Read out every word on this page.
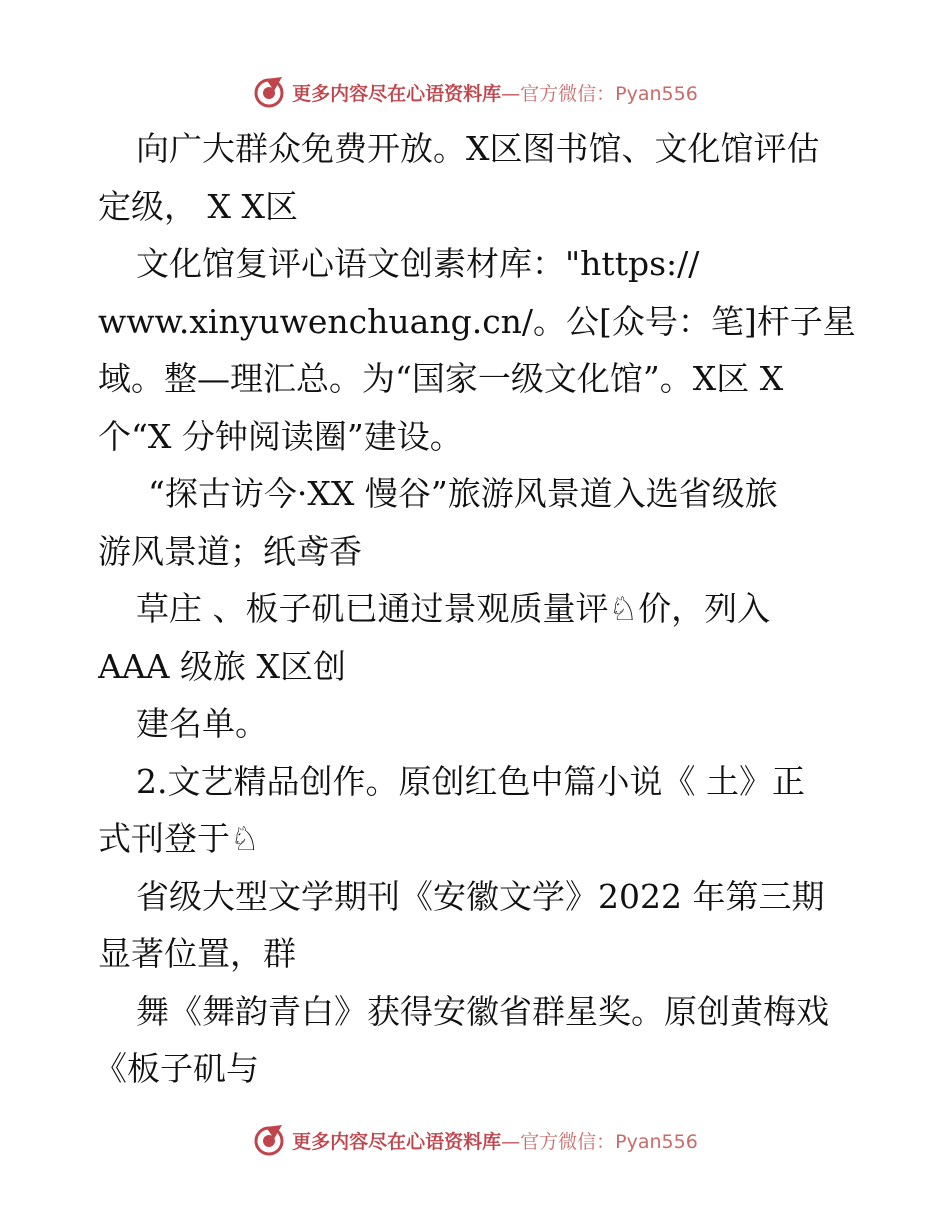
更多内容尽在心语资料库—官方微信：Pyan556
向广大群众免费开放。X区图书馆、文化馆评估
定级， X X区
文化馆复评心语文创素材库："https://
www.xinyuwenchuang.cn/。公[众号：笔]杆子星
域。整—理汇总。为“国家一级文化馆”。X区 X
个“X 分钟阅读圈”建设。
“探古访今·XX 慢谷”旅游风景道入选省级旅
游风景道；纸鸢香
草庄 、板子矶已通过景观质量评♘价，列入
AAA 级旅 X区创
建名单。
2.文艺精品创作。原创红色中篇小说《 土》正
式刊登于♘
省级大型文学期刊《安徽文学》2022 年第三期
显著位置，群
舞《舞韵青白》获得安徽省群星奖。原创黄梅戏
《板子矶与
更多内容尽在心语资料库—官方微信：Pyan556
